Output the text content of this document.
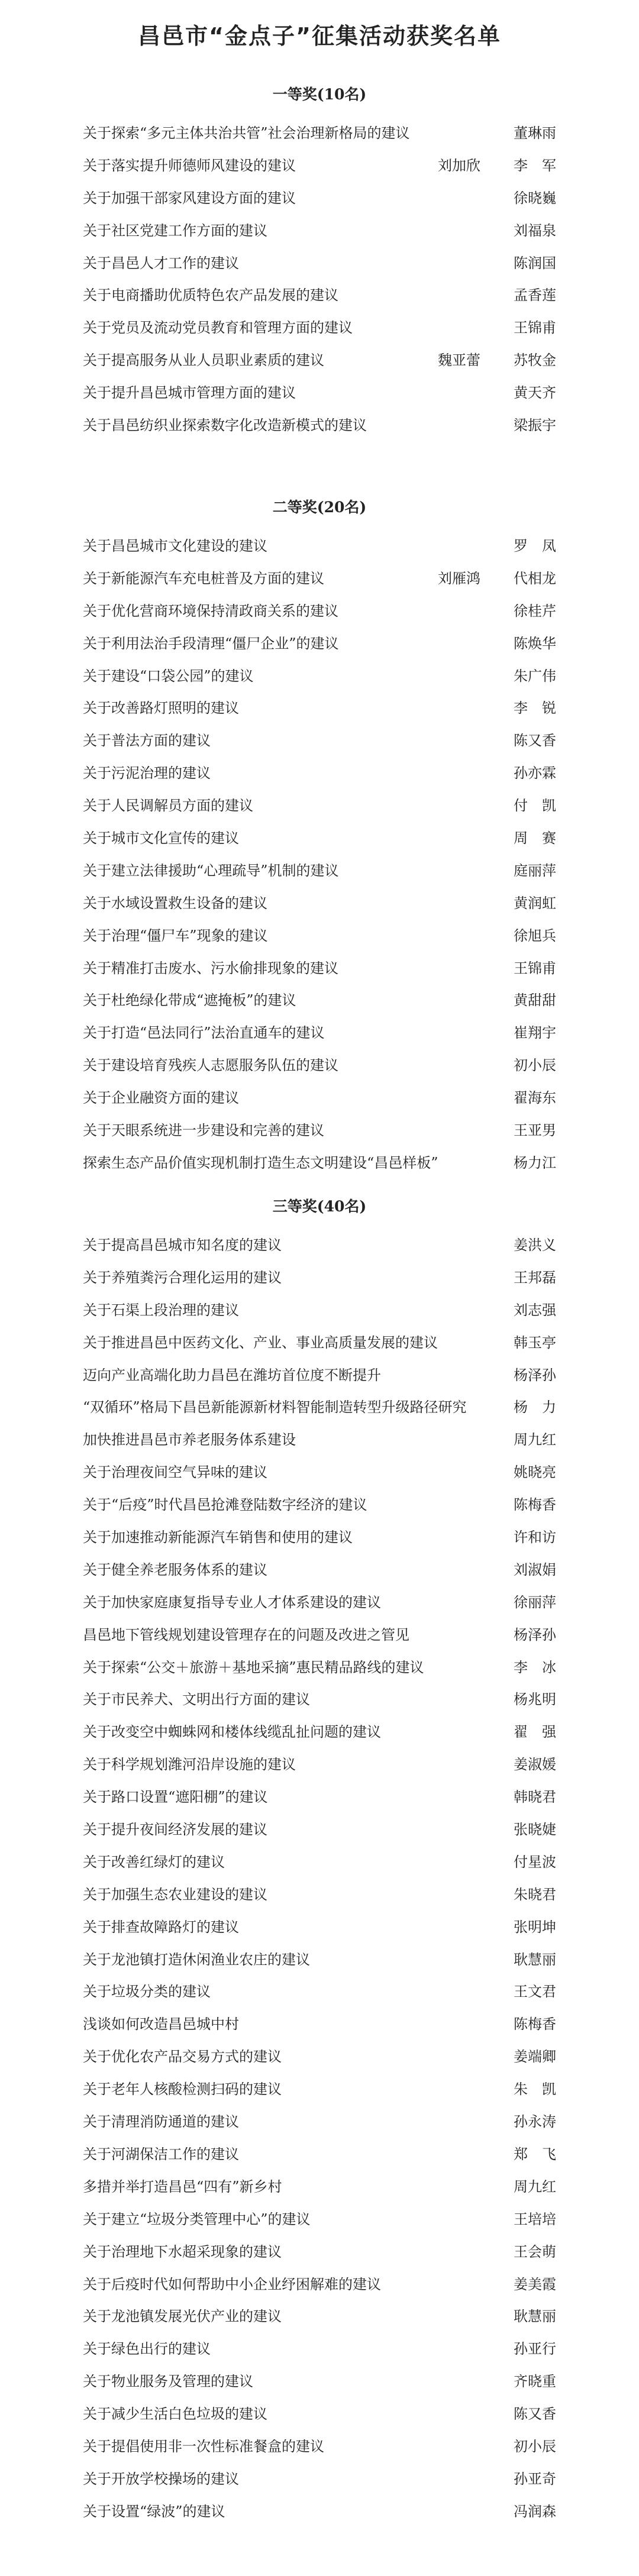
昌邑市“金点子”征集活动获奖名单
一等奖(10名)
关于探索“多元主体共治共管”社会治理新格局的建议	董琳雨
关于落实提升师德师风建设的建议	刘加欣 李　军
关于加强干部家风建设方面的建议	徐晓巍
关于社区党建工作方面的建议	刘福泉
关于昌邑人才工作的建议	陈润国
关于电商播助优质特色农产品发展的建议	孟香莲
关于党员及流动党员教育和管理方面的建议	王锦甫
关于提高服务从业人员职业素质的建议	魏亚蕾 苏牧金
关于提升昌邑城市管理方面的建议	黄天齐
关于昌邑纺织业探索数字化改造新模式的建议	梁振宇
二等奖(20名)
关于昌邑城市文化建设的建议	罗　凤
关于新能源汽车充电桩普及方面的建议	刘雁鸿 代相龙
关于优化营商环境保持清政商关系的建议	徐桂芹
关于利用法治手段清理“僵尸企业”的建议	陈焕华
关于建设“口袋公园”的建议	朱广伟
关于改善路灯照明的建议	李　锐
关于普法方面的建议	陈又香
关于污泥治理的建议	孙亦霖
关于人民调解员方面的建议	付　凯
关于城市文化宣传的建议	周　赛
关于建立法律援助“心理疏导”机制的建议	庭丽萍
关于水域设置救生设备的建议	黄润虹
关于治理“僵尸车”现象的建议	徐旭兵
关于精准打击废水、污水偷排现象的建议	王锦甫
关于杜绝绿化带成“遮掩板”的建议	黄甜甜
关于打造“邑法同行”法治直通车的建议	崔翔宇
关于建设培育残疾人志愿服务队伍的建议	初小辰
关于企业融资方面的建议	翟海东
关于天眼系统进一步建设和完善的建议	王亚男
探索生态产品价值实现机制打造生态文明建设“昌邑样板”	杨力江
三等奖(40名)
关于提高昌邑城市知名度的建议	姜洪义
关于养殖粪污合理化运用的建议	王邦磊
关于石渠上段治理的建议	刘志强
关于推进昌邑中医药文化、产业、事业高质量发展的建议	韩玉亭
迈向产业高端化助力昌邑在潍坊首位度不断提升	杨泽孙
“双循环”格局下昌邑新能源新材料智能制造转型升级路径研究	杨　力
加快推进昌邑市养老服务体系建设	周九红
关于治理夜间空气异味的建议	姚晓亮
关于“后疫”时代昌邑抢滩登陆数字经济的建议	陈梅香
关于加速推动新能源汽车销售和使用的建议	许和访
关于健全养老服务体系的建议	刘淑娟
关于加快家庭康复指导专业人才体系建设的建议	徐丽萍
昌邑地下管线规划建设管理存在的问题及改进之管见	杨泽孙
关于探索“公交＋旅游＋基地采摘”惠民精品路线的建议	李　冰
关于市民养犬、文明出行方面的建议	杨兆明
关于改变空中蜘蛛网和楼体线缆乱扯问题的建议	翟　强
关于科学规划潍河沿岸设施的建议	姜淑媛
关于路口设置“遮阳棚”的建议	韩晓君
关于提升夜间经济发展的建议	张晓婕
关于改善红绿灯的建议	付星波
关于加强生态农业建设的建议	朱晓君
关于排查故障路灯的建议	张明坤
关于龙池镇打造休闲渔业农庄的建议	耿慧丽
关于垃圾分类的建议	王文君
浅谈如何改造昌邑城中村	陈梅香
关于优化农产品交易方式的建议	姜端卿
关于老年人核酸检测扫码的建议	朱　凯
关于清理消防通道的建议	孙永涛
关于河湖保洁工作的建议	郑　飞
多措并举打造昌邑“四有”新乡村	周九红
关于建立“垃圾分类管理中心”的建议	王培培
关于治理地下水超采现象的建议	王会萌
关于后疫时代如何帮助中小企业纾困解难的建议	姜美霞
关于龙池镇发展光伏产业的建议	耿慧丽
关于绿色出行的建议	孙亚行
关于物业服务及管理的建议	齐晓重
关于减少生活白色垃圾的建议	陈又香
关于提倡使用非一次性标准餐盒的建议	初小辰
关于开放学校操场的建议	孙亚奇
关于设置“绿波”的建议	冯润森
